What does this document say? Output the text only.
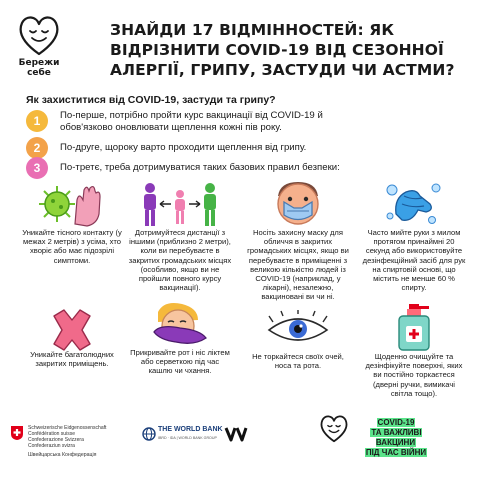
Бережи
себе
ЗНАЙДИ 17 ВІДМІННОСТЕЙ: ЯК ВІДРІЗНИТИ COVID-19 ВІД СЕЗОННОЇ АЛЕРГІЇ, ГРИПУ, ЗАСТУДИ ЧИ АСТМИ?
Як захиститися від COVID-19, застуди та грипу?
1	По-перше, потрібно пройти курс вакцинації від COVID-19 й обов'язково оновлювати щеплення кожні пів року.
2	По-друге, щороку варто проходити щеплення від грипу.
3	По-третє, треба дотримуватися таких базових правил безпеки:
Уникайте тісного контакту (у межах 2 метрів) з усіма, хто хворіє або має підозрілі симптоми.
Дотримуйтеся дистанції з іншими (приблизно 2 метри), коли ви перебуваєте в закритих громадських місцях (особливо, якщо ви не пройшли повного курсу вакцинації).
Носіть захисну маску для обличчя в закритих громадських місцях, якщо ви перебуваєте в приміщенні з великою кількістю людей із COVID-19 (наприклад, у лікарні), незалежно, вакциновані ви чи ні.
Часто мийте руки з милом протягом принаймні 20 секунд або використовуйте дезінфекційний засіб для рук на спиртовій основі, що містить не менше 60 % спирту.
Уникайте багатолюдних закритих приміщень.
Прикривайте рот і ніс ліктем або серветкою під час кашлю чи чхання.
Не торкайтеся своїх очей, носа та рота.
Щоденно очищуйте та дезінфікуйте поверхні, яких ви постійно торкаєтеся (дверні ручки, вимикачі світла тощо).
Schweizerische Eidgenossenschaft
Confédération suisse
Confederazione Svizzera
Confederaziun svizra
Швейцарська Конфедерація
THE WORLD BANK
IBRD · IDA | WORLD BANK GROUP
COVID-19
ТА ВАЖЛИВІ ВАКЦИНИ
ПІД ЧАС ВІЙНИ
